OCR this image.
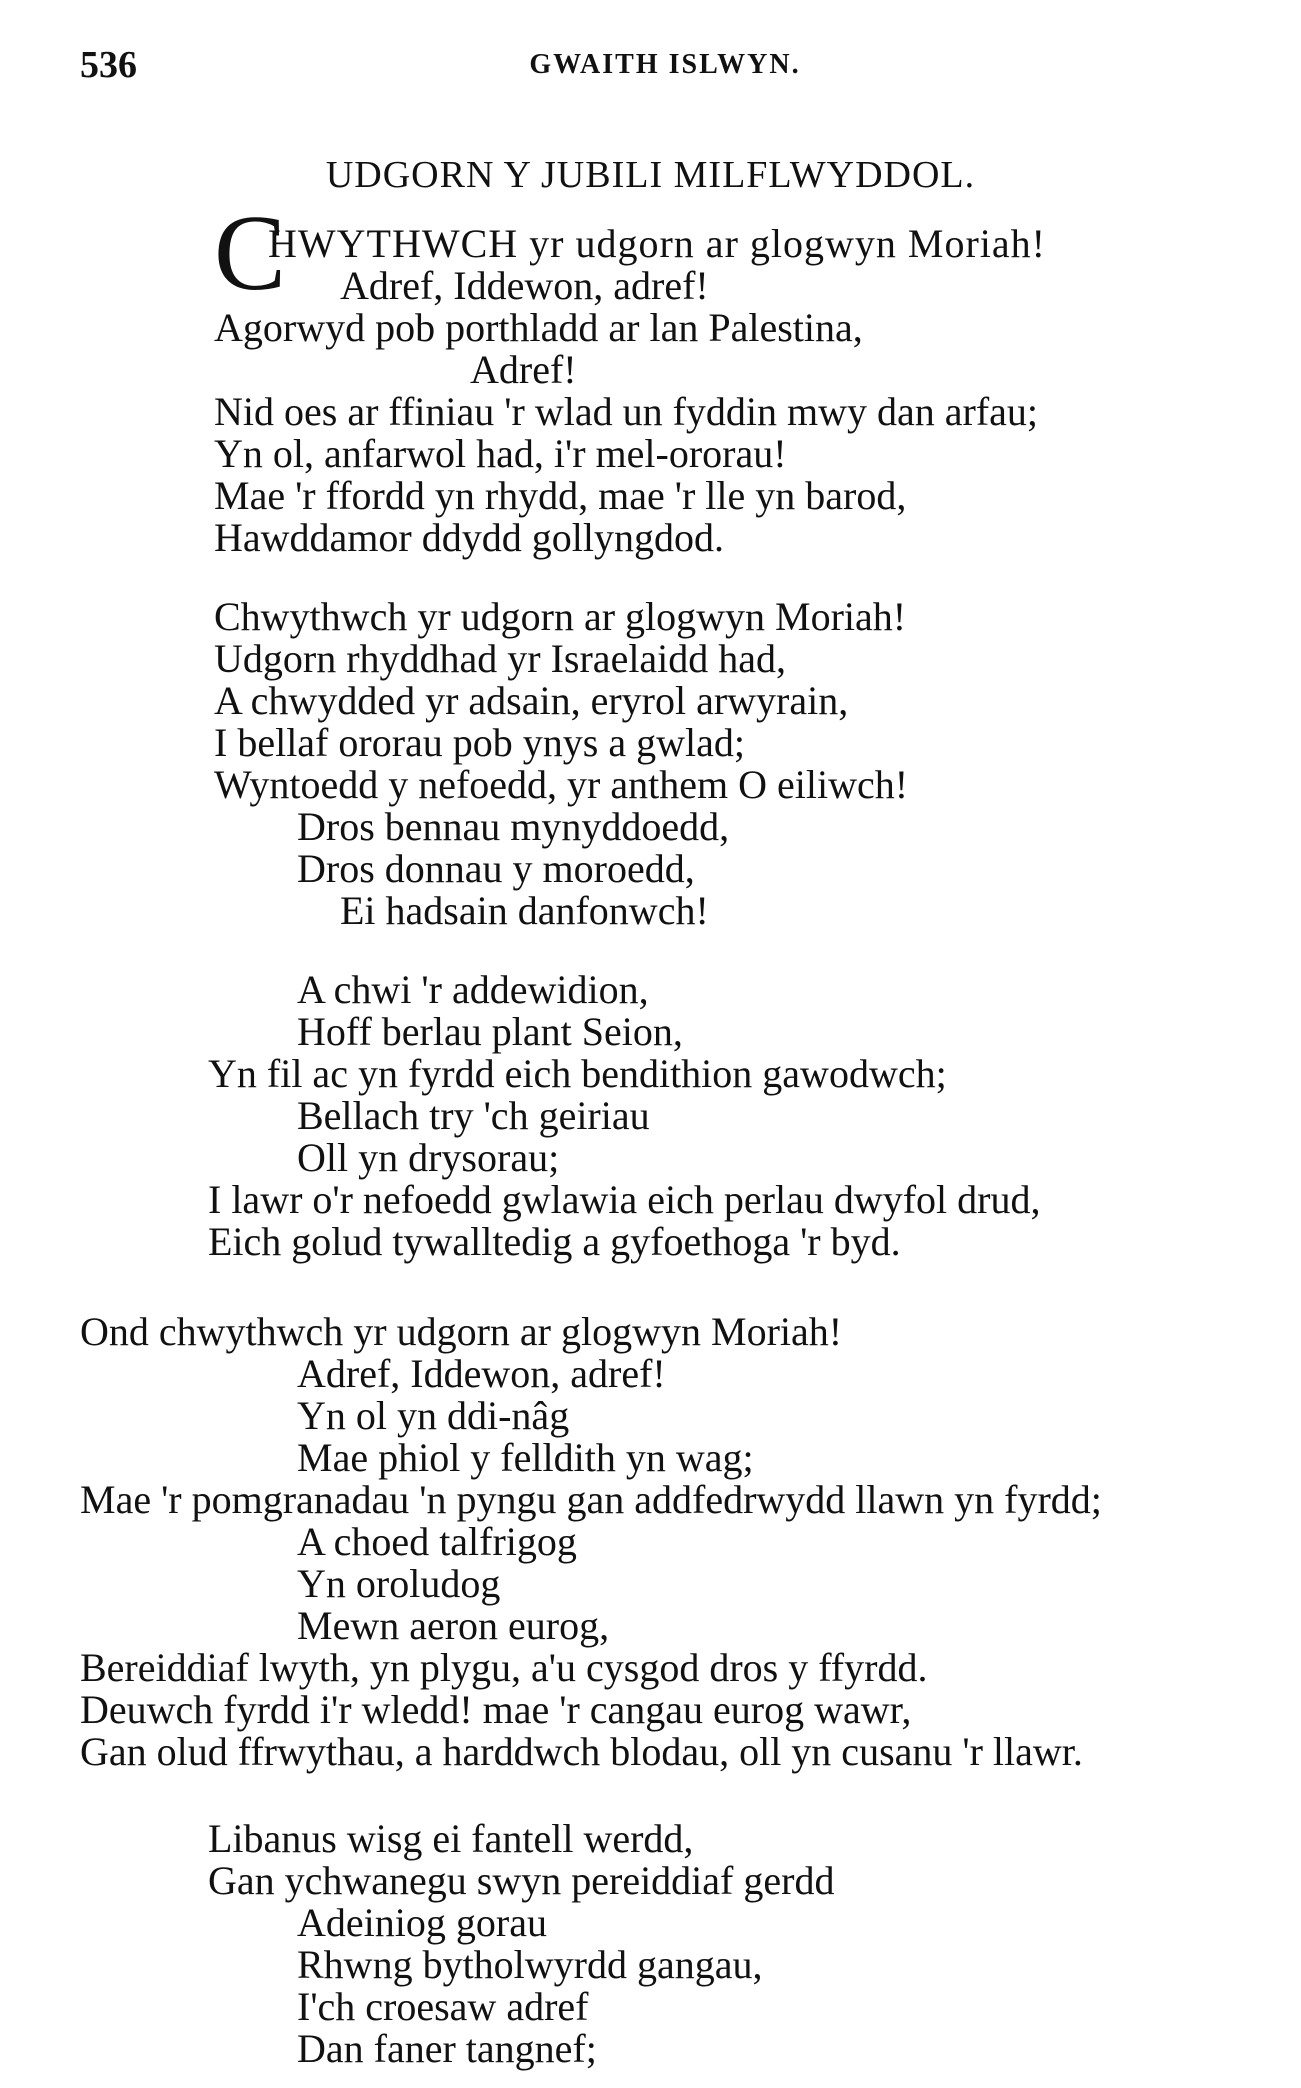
536	GWAITH ISLWYN.
UDGORN Y JUBILI MILFLWYDDOL.
C
HWYTHWCH yr udgorn ar glogwyn Moriah!
Adref, Iddewon, adref!
Agorwyd pob porthladd ar lan Palestina,
Adref!
Nid oes ar ffiniau 'r wlad un fyddin mwy dan arfau;
Yn ol, anfarwol had, i'r mel-ororau!
Mae 'r ffordd yn rhydd, mae 'r lle yn barod,
Hawddamor ddydd gollyngdod.
Chwythwch yr udgorn ar glogwyn Moriah!
Udgorn rhyddhad yr Israelaidd had,
A chwydded yr adsain, eryrol arwyrain,
I bellaf ororau pob ynys a gwlad;
Wyntoedd y nefoedd, yr anthem O eiliwch!
Dros bennau mynyddoedd,
Dros donnau y moroedd,
Ei hadsain danfonwch!
A chwi 'r addewidion,
Hoff berlau plant Seion,
Yn fil ac yn fyrdd eich bendithion gawodwch;
Bellach try 'ch geiriau
Oll yn drysorau;
I lawr o'r nefoedd gwlawia eich perlau dwyfol drud,
Eich golud tywalltedig a gyfoethoga 'r byd.
Ond chwythwch yr udgorn ar glogwyn Moriah!
Adref, Iddewon, adref!
Yn ol yn ddi-nâg
Mae phiol y felldith yn wag;
Mae 'r pomgranadau 'n pyngu gan addfedrwydd llawn yn fyrdd;
A choed talfrigog
Yn oroludog
Mewn aeron eurog,
Bereiddiaf lwyth, yn plygu, a'u cysgod dros y ffyrdd.
Deuwch fyrdd i'r wledd! mae 'r cangau eurog wawr,
Gan olud ffrwythau, a harddwch blodau, oll yn cusanu 'r llawr.
Libanus wisg ei fantell werdd,
Gan ychwanegu swyn pereiddiaf gerdd
Adeiniog gorau
Rhwng bytholwyrdd gangau,
I'ch croesaw adref
Dan faner tangnef;
